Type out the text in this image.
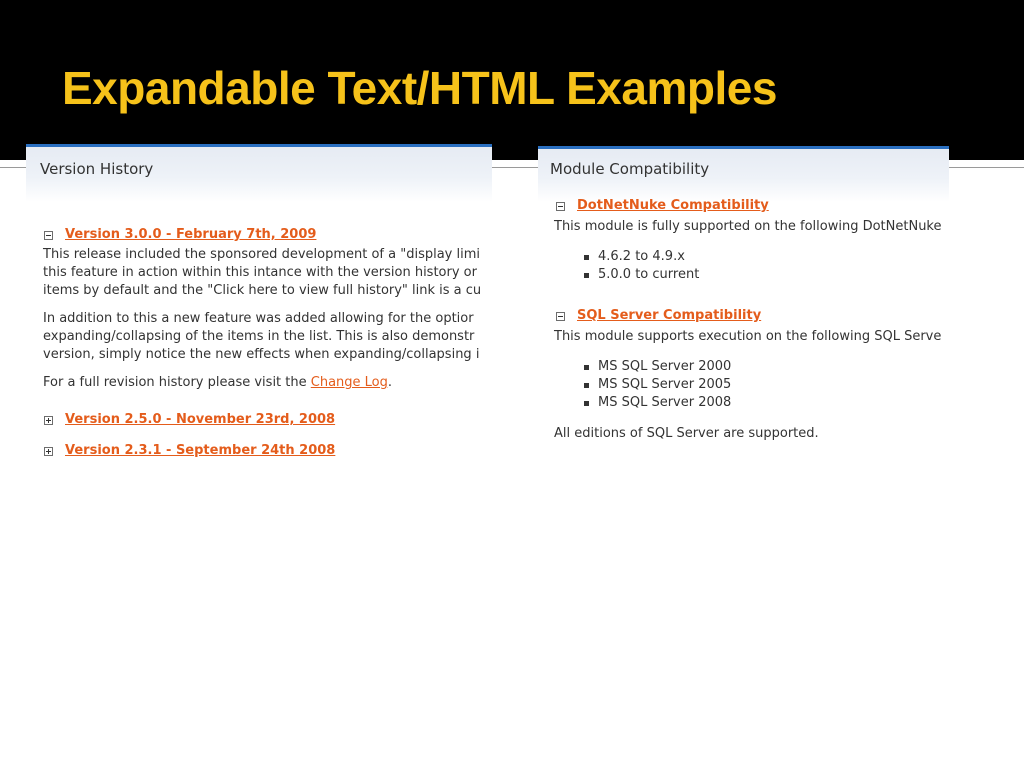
Expandable Text/HTML Examples
Version History
Version 3.0.0 - February 7th, 2009
This release included the sponsored development of a "display limi
this feature in action within this intance with the version history or
items by default and the "Click here to view full history" link is a cu
In addition to this a new feature was added allowing for the optior
expanding/collapsing of the items in the list. This is also demonstr
version, simply notice the new effects when expanding/collapsing i
For a full revision history please visit the Change Log.
Version 2.5.0 - November 23rd, 2008
Version 2.3.1 - September 24th 2008
Module Compatibility
DotNetNuke Compatibility
This module is fully supported on the following DotNetNuke
4.6.2 to 4.9.x
5.0.0 to current
SQL Server Compatibility
This module supports execution on the following SQL Serve
MS SQL Server 2000
MS SQL Server 2005
MS SQL Server 2008
All editions of SQL Server are supported.
